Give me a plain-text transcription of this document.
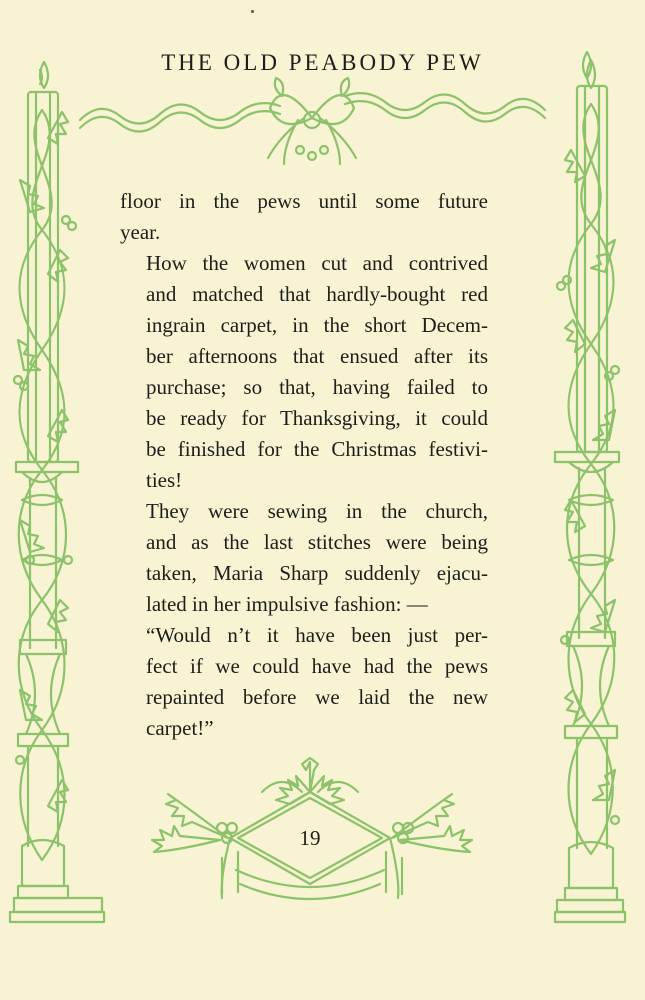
THE OLD PEABODY PEW

floor in the pews until some future
year.

How the women cut and contrived
and matched that hardly-bought red
ingrain carpet, in the short Decem-
ber afternoons that ensued after its
purchase; so that, having failed to
be ready for Thanksgiving, it could
be finished for the Christmas festivi-
ties!

They were sewing in the church,
and as the last stitches were being
taken, Maria Sharp suddenly ejacu-
lated in her impulsive fashion: —

“Would n’t it have been just per-
fect if we could have had the pews
repainted before we laid the new
carpet!”

19
